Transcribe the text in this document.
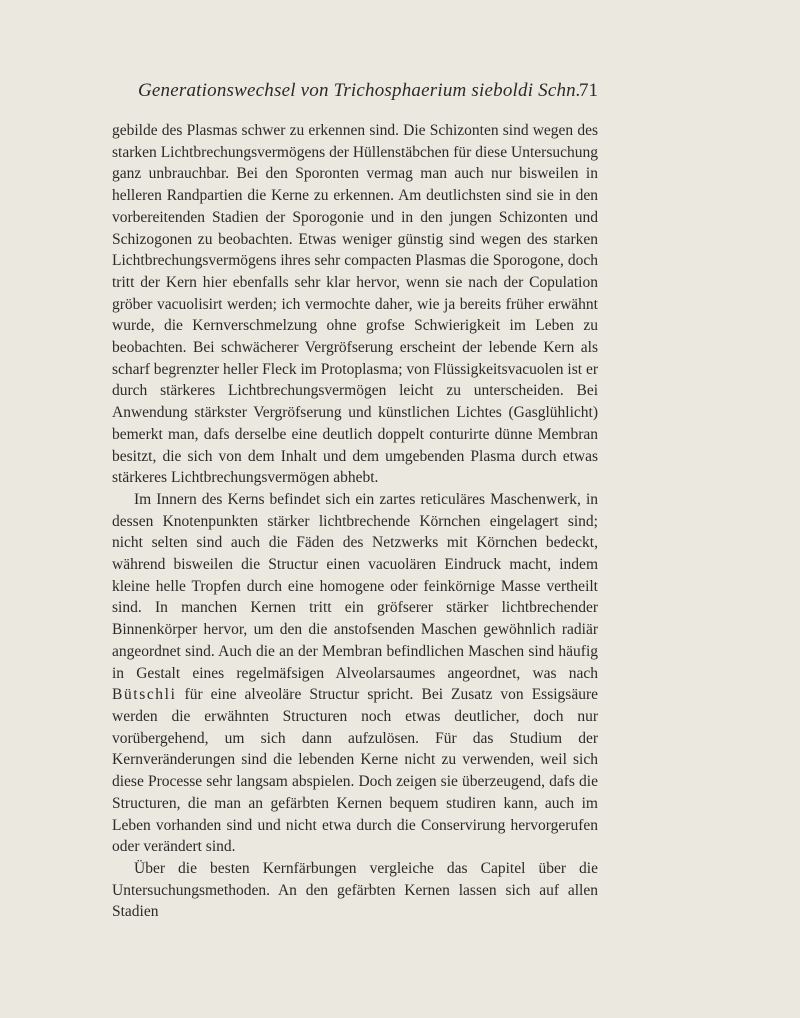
Generationswechsel von Trichosphaerium sieboldi Schn.
71

gebilde des Plasmas schwer zu erkennen sind. Die Schizonten sind wegen des starken Lichtbrechungsvermögens der Hüllenstäbchen für diese Untersuchung ganz unbrauchbar. Bei den Sporonten vermag man auch nur bisweilen in helleren Randpartien die Kerne zu erkennen. Am deutlichsten sind sie in den vorbereitenden Stadien der Sporogonie und in den jungen Schizonten und Schizogonen zu beobachten. Etwas weniger günstig sind wegen des starken Lichtbrechungsvermögens ihres sehr compacten Plasmas die Sporogone, doch tritt der Kern hier ebenfalls sehr klar hervor, wenn sie nach der Copulation gröber vacuolisirt werden; ich vermochte daher, wie ja bereits früher erwähnt wurde, die Kernverschmelzung ohne grofse Schwierigkeit im Leben zu beobachten. Bei schwächerer Vergröfserung erscheint der lebende Kern als scharf begrenzter heller Fleck im Protoplasma; von Flüssigkeitsvacuolen ist er durch stärkeres Lichtbrechungsvermögen leicht zu unterscheiden. Bei Anwendung stärkster Vergröfserung und künstlichen Lichtes (Gasglühlicht) bemerkt man, dafs derselbe eine deutlich doppelt conturirte dünne Membran besitzt, die sich von dem Inhalt und dem umgebenden Plasma durch etwas stärkeres Lichtbrechungsvermögen abhebt.

Im Innern des Kerns befindet sich ein zartes reticuläres Maschenwerk, in dessen Knotenpunkten stärker lichtbrechende Körnchen eingelagert sind; nicht selten sind auch die Fäden des Netzwerks mit Körnchen bedeckt, während bisweilen die Structur einen vacuolären Eindruck macht, indem kleine helle Tropfen durch eine homogene oder feinkörnige Masse vertheilt sind. In manchen Kernen tritt ein gröfserer stärker lichtbrechender Binnenkörper hervor, um den die anstofsenden Maschen gewöhnlich radiär angeordnet sind. Auch die an der Membran befindlichen Maschen sind häufig in Gestalt eines regelmäfsigen Alveolarsaumes angeordnet, was nach Bütschli für eine alveoläre Structur spricht. Bei Zusatz von Essigsäure werden die erwähnten Structuren noch etwas deutlicher, doch nur vorübergehend, um sich dann aufzulösen. Für das Studium der Kernveränderungen sind die lebenden Kerne nicht zu verwenden, weil sich diese Processe sehr langsam abspielen. Doch zeigen sie überzeugend, dafs die Structuren, die man an gefärbten Kernen bequem studiren kann, auch im Leben vorhanden sind und nicht etwa durch die Conservirung hervorgerufen oder verändert sind.

Über die besten Kernfärbungen vergleiche das Capitel über die Untersuchungsmethoden. An den gefärbten Kernen lassen sich auf allen Stadien
